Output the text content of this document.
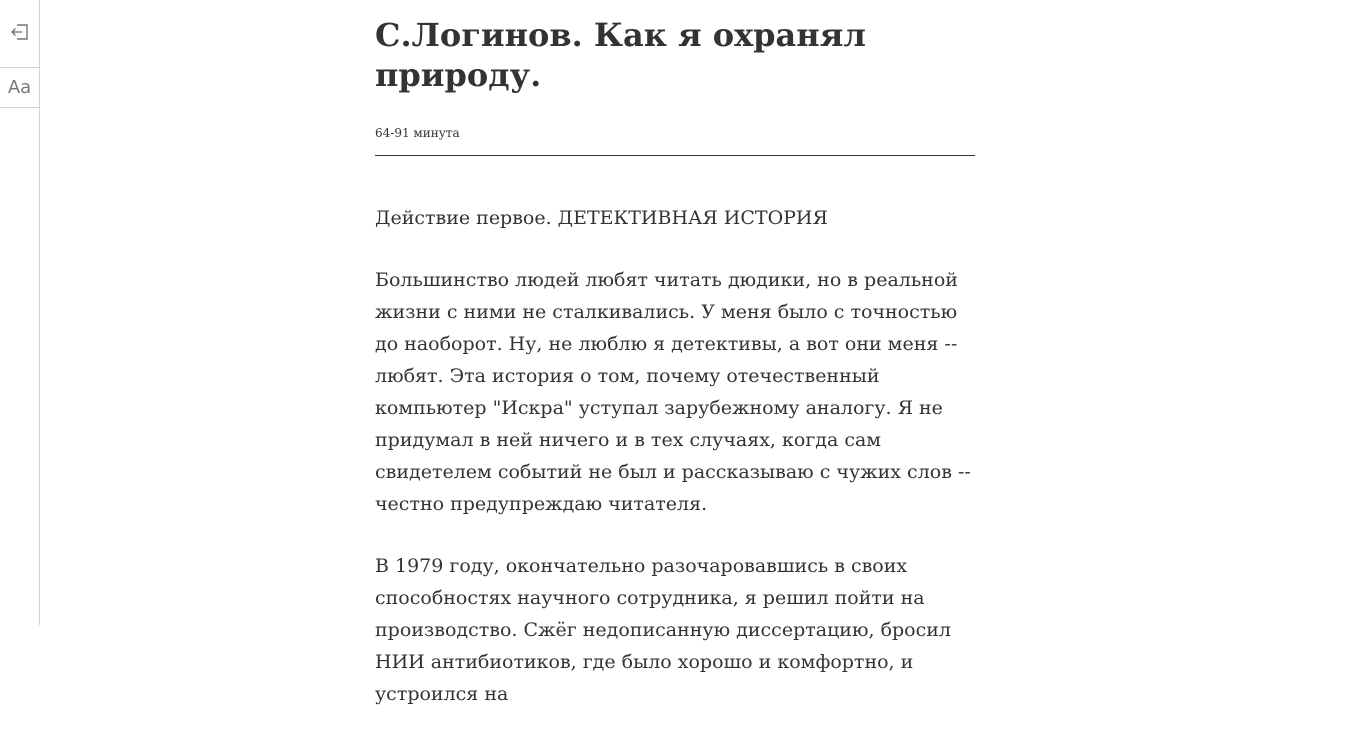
Aa
С.Логинов. Как я охранял природу.
64-91 минута

Действие первое. ДЕТЕКТИВНАЯ ИСТОРИЯ

Большинство людей любят читать дюдики, но в реальной жизни с ними не сталкивались. У меня было с точностью до наоборот. Ну, не люблю я детективы, а вот они меня -- любят. Эта история о том, почему отечественный компьютер "Искра" уступал зарубежному аналогу. Я не придумал в ней ничего и в тех случаях, когда сам свидетелем событий не был и рассказываю с чужих слов -- честно предупреждаю читателя.

В 1979 году, окончательно разочаровавшись в своих способностях научного сотрудника, я решил пойти на производство. Сжёг недописанную диссертацию, бросил НИИ антибиотиков, где было хорошо и комфортно, и устроился на
